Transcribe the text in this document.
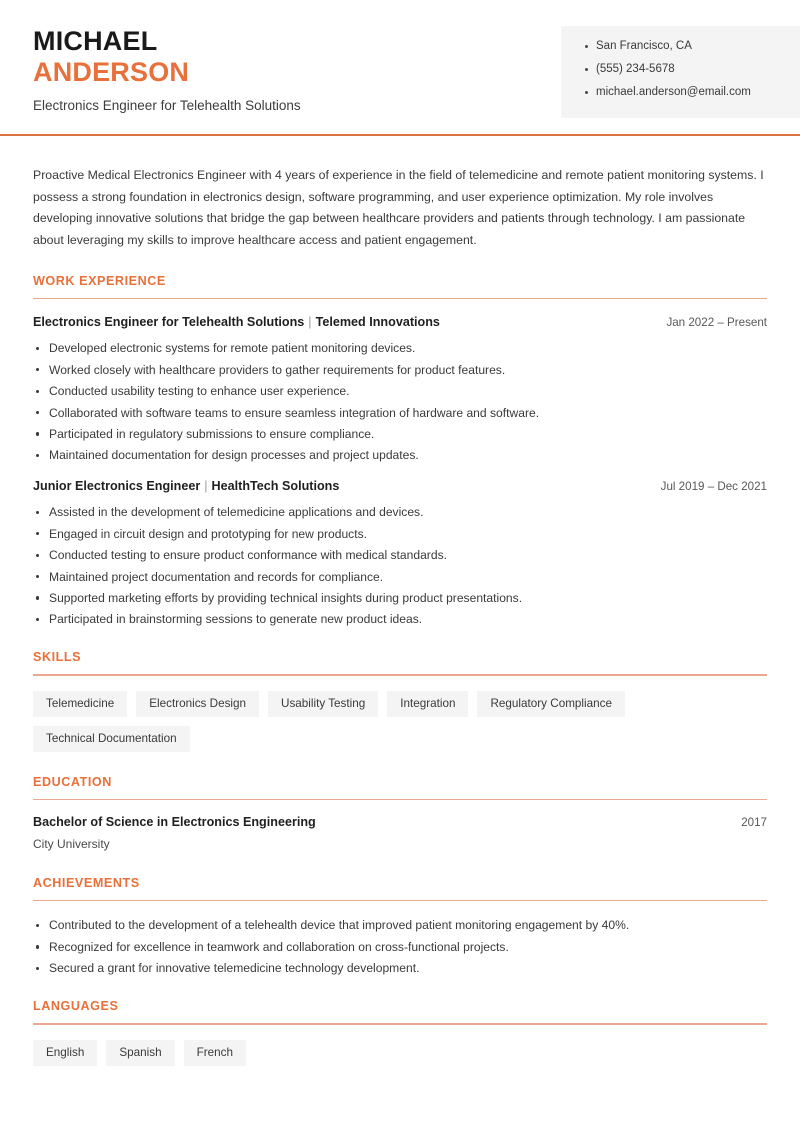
MICHAEL
ANDERSON
Electronics Engineer for Telehealth Solutions
San Francisco, CA
(555) 234-5678
michael.anderson@email.com
Proactive Medical Electronics Engineer with 4 years of experience in the field of telemedicine and remote patient monitoring systems. I possess a strong foundation in electronics design, software programming, and user experience optimization. My role involves developing innovative solutions that bridge the gap between healthcare providers and patients through technology. I am passionate about leveraging my skills to improve healthcare access and patient engagement.
WORK EXPERIENCE
Electronics Engineer for Telehealth Solutions | Telemed Innovations	Jan 2022 – Present
Developed electronic systems for remote patient monitoring devices.
Worked closely with healthcare providers to gather requirements for product features.
Conducted usability testing to enhance user experience.
Collaborated with software teams to ensure seamless integration of hardware and software.
Participated in regulatory submissions to ensure compliance.
Maintained documentation for design processes and project updates.
Junior Electronics Engineer | HealthTech Solutions	Jul 2019 – Dec 2021
Assisted in the development of telemedicine applications and devices.
Engaged in circuit design and prototyping for new products.
Conducted testing to ensure product conformance with medical standards.
Maintained project documentation and records for compliance.
Supported marketing efforts by providing technical insights during product presentations.
Participated in brainstorming sessions to generate new product ideas.
SKILLS
Telemedicine	Electronics Design	Usability Testing	Integration	Regulatory Compliance
Technical Documentation
EDUCATION
Bachelor of Science in Electronics Engineering	2017
City University
ACHIEVEMENTS
Contributed to the development of a telehealth device that improved patient monitoring engagement by 40%.
Recognized for excellence in teamwork and collaboration on cross-functional projects.
Secured a grant for innovative telemedicine technology development.
LANGUAGES
English	Spanish	French
